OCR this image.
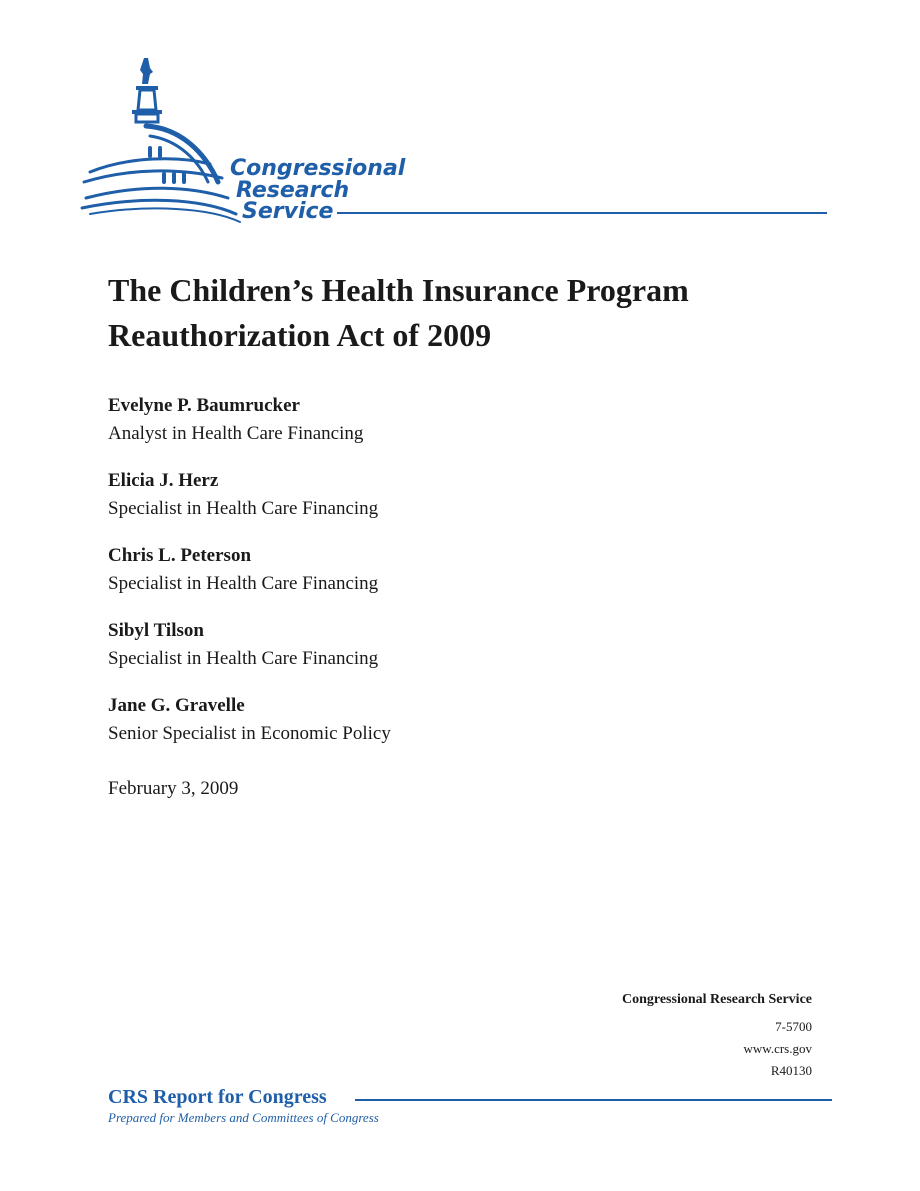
Congressional
Research
Service
The Children’s Health Insurance Program
Reauthorization Act of 2009
Evelyne P. Baumrucker
Analyst in Health Care Financing
Elicia J. Herz
Specialist in Health Care Financing
Chris L. Peterson
Specialist in Health Care Financing
Sibyl Tilson
Specialist in Health Care Financing
Jane G. Gravelle
Senior Specialist in Economic Policy
February 3, 2009
Congressional Research Service
7-5700
www.crs.gov
R40130
CRS Report for Congress
Prepared for Members and Committees of Congress
